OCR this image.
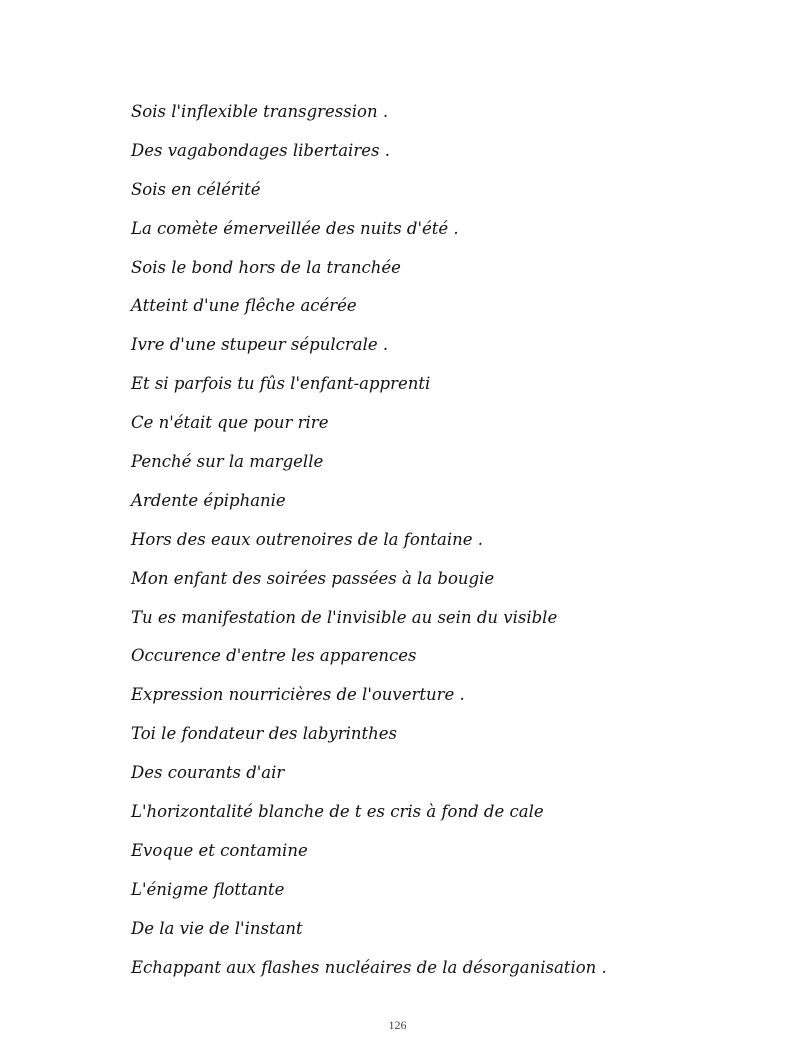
Sois l'inflexible transgression .
Des vagabondages libertaires .
Sois en célérité
La comète émerveillée des nuits d'été .
Sois le bond hors de la tranchée
Atteint d'une flêche acérée
Ivre d'une stupeur sépulcrale .
Et si parfois tu fûs l'enfant-apprenti
Ce n'était que pour rire
Penché sur la margelle
Ardente épiphanie
Hors des eaux outrenoires de la fontaine .
Mon enfant des soirées passées à la bougie
Tu es manifestation de l'invisible au sein du visible
Occurence d'entre les apparences
Expression nourricières de l'ouverture .
Toi le fondateur des labyrinthes
Des courants d'air
L'horizontalité blanche de t es cris à fond de cale
Evoque et contamine
L'énigme flottante
De la vie de l'instant
Echappant aux flashes nucléaires de la désorganisation .
126
